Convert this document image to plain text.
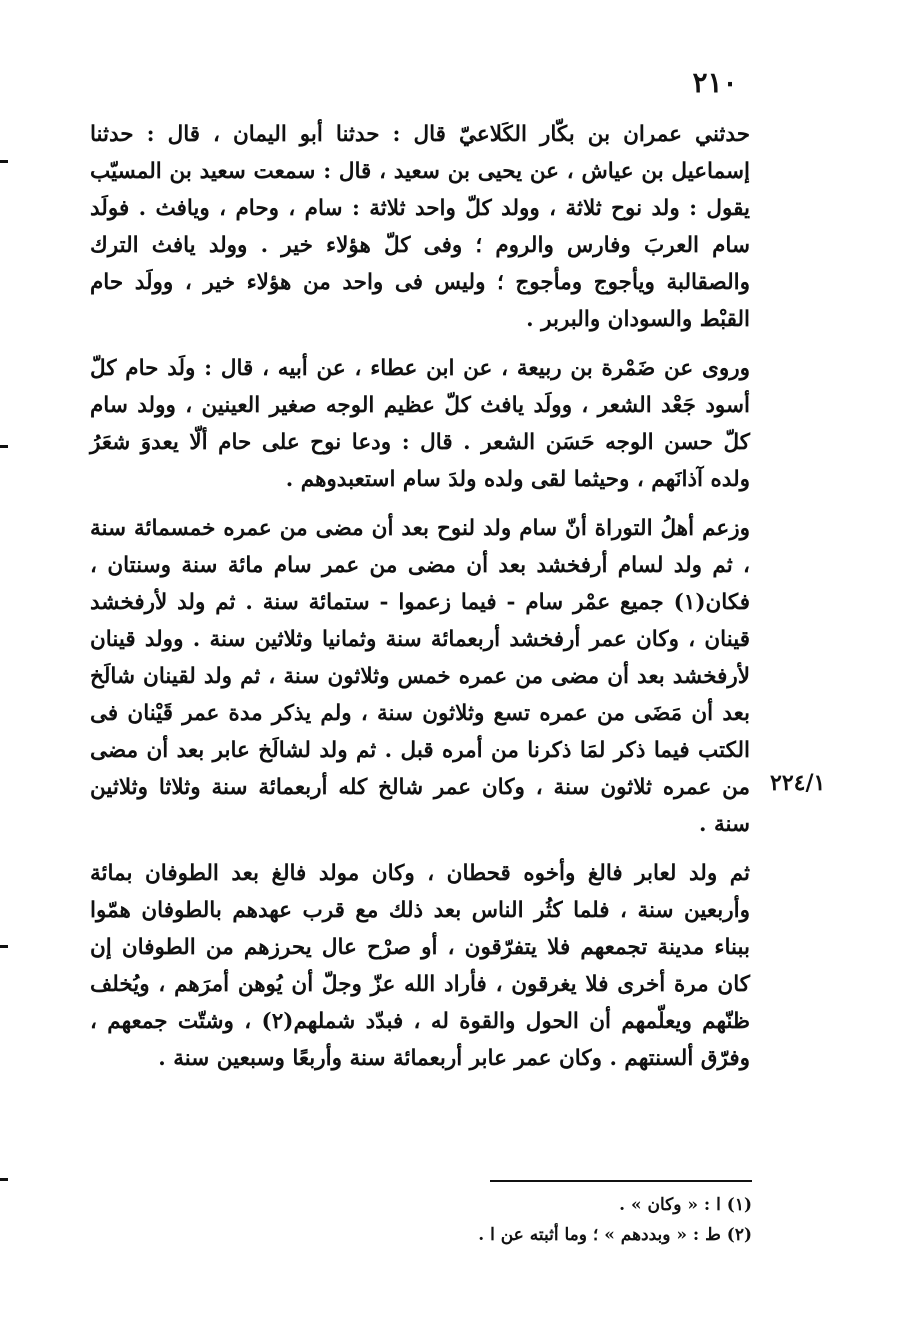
٢١٠
٢٢٤/١

حدثني عمران بن بكّار الكَلاعيّ قال : حدثنا أبو اليمان ، قال : حدثنا إسماعيل بن عياش ، عن يحيى بن سعيد ، قال : سمعت سعيد بن المسيّب يقول : ولد نوح ثلاثة ، وولد كلّ واحد ثلاثة : سام ، وحام ، ويافث . فولَد سام العربَ وفارس والروم ؛ وفى كلّ هؤلاء خير . وولد يافث الترك والصقالبة ويأجوج ومأجوج ؛ وليس فى واحد من هؤلاء خير ، وولَد حام القبْط والسودان والبربر .

وروى عن ضَمْرة بن ربيعة ، عن ابن عطاء ، عن أبيه ، قال : ولَد حام كلّ أسود جَعْد الشعر ، وولَد يافث كلّ عظيم الوجه صغير العينين ، وولد سام كلّ حسن الوجه حَسَن الشعر . قال : ودعا نوح على حام ألّا يعدوَ شعَرُ ولده آذانَهم ، وحيثما لقى ولده ولدَ سام استعبدوهم .

وزعم أهلُ التوراة أنّ سام ولد لنوح بعد أن مضى من عمره خمسمائة سنة ، ثم ولد لسام أرفخشد بعد أن مضى من عمر سام مائة سنة وسنتان ، فكان(١) جميع عمْر سام - فيما زعموا - ستمائة سنة . ثم ولد لأرفخشد قينان ، وكان عمر أرفخشد أربعمائة سنة وثمانيا وثلاثين سنة . وولد قينان لأرفخشد بعد أن مضى من عمره خمس وثلاثون سنة ، ثم ولد لقينان شالَخ بعد أن مَضَى من عمره تسع وثلاثون سنة ، ولم يذكر مدة عمر قَيْنان فى الكتب فيما ذكر لمَا ذكرنا من أمره قبل . ثم ولد لشالَخ عابر بعد أن مضى من عمره ثلاثون سنة ، وكان عمر شالخ كله أربعمائة سنة وثلاثا وثلاثين سنة .

ثم ولد لعابر فالغ وأخوه قحطان ، وكان مولد فالغ بعد الطوفان بمائة وأربعين سنة ، فلما كثُر الناس بعد ذلك مع قرب عهدهم بالطوفان همّوا ببناء مدينة تجمعهم فلا يتفرّقون ، أو صرْح عال يحرزهم من الطوفان إن كان مرة أخرى فلا يغرقون ، فأراد الله عزّ وجلّ أن يُوهن أمرَهم ، ويُخلف ظنّهم ويعلّمهم أن الحول والقوة له ، فبدّد شملهم(٢) ، وشتّت جمعهم ، وفرّق ألسنتهم . وكان عمر عابر أربعمائة سنة وأربعًا وسبعين سنة .

(١) ا : « وكان » .

(٢) ط : « وبددهم » ؛ وما أثبته عن ا .
